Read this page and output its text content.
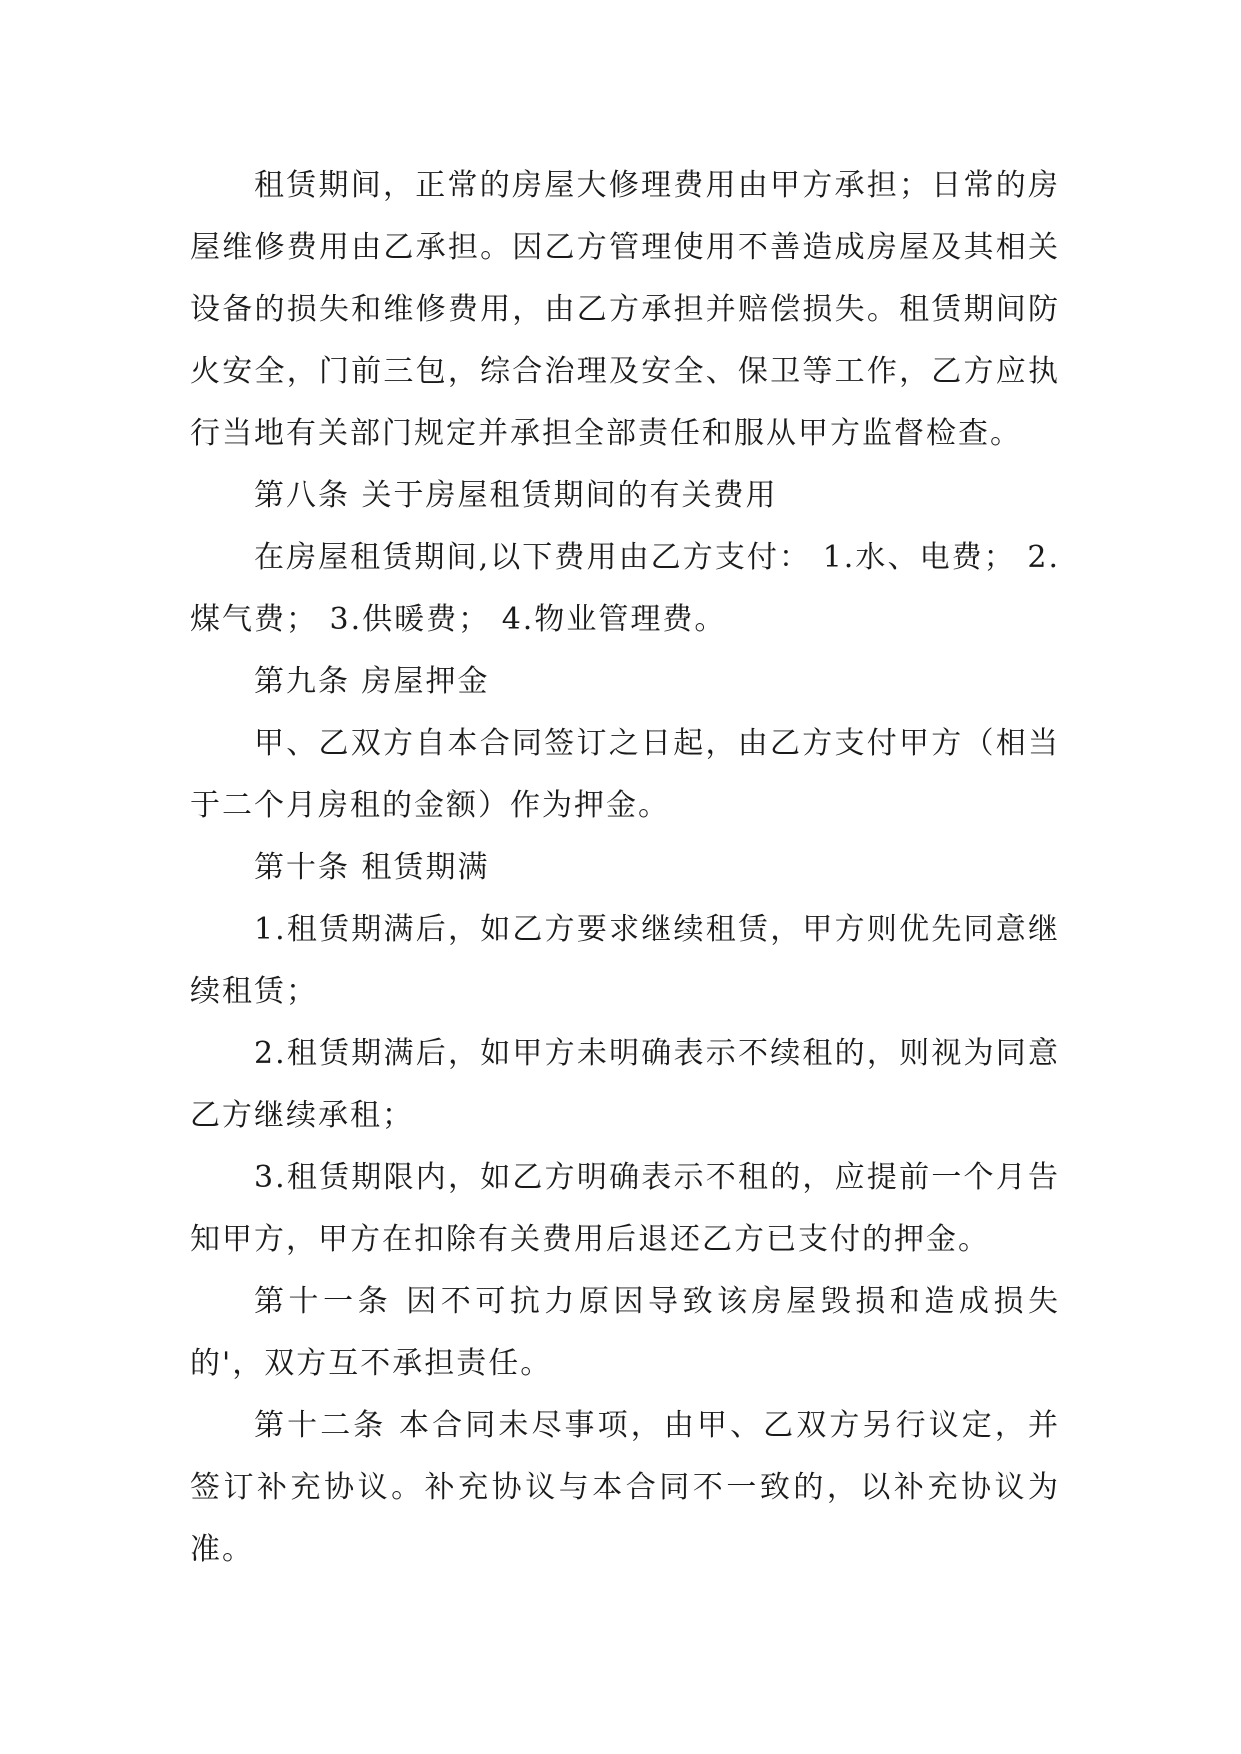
租赁期间，正常的房屋大修理费用由甲方承担；日常的房屋维修费用由乙承担。因乙方管理使用不善造成房屋及其相关设备的损失和维修费用，由乙方承担并赔偿损失。租赁期间防火安全，门前三包，综合治理及安全、保卫等工作，乙方应执行当地有关部门规定并承担全部责任和服从甲方监督检查。

第八条 关于房屋租赁期间的有关费用

在房屋租赁期间,以下费用由乙方支付： 1.水、电费； 2.煤气费； 3.供暖费； 4.物业管理费。

第九条 房屋押金

甲、乙双方自本合同签订之日起，由乙方支付甲方（相当于二个月房租的金额）作为押金。

第十条 租赁期满

1.租赁期满后，如乙方要求继续租赁，甲方则优先同意继续租赁；

2.租赁期满后，如甲方未明确表示不续租的，则视为同意乙方继续承租；

3.租赁期限内，如乙方明确表示不租的，应提前一个月告知甲方，甲方在扣除有关费用后退还乙方已支付的押金。

第十一条 因不可抗力原因导致该房屋毁损和造成损失的'，双方互不承担责任。

第十二条 本合同未尽事项，由甲、乙双方另行议定，并签订补充协议。补充协议与本合同不一致的，以补充协议为准。
